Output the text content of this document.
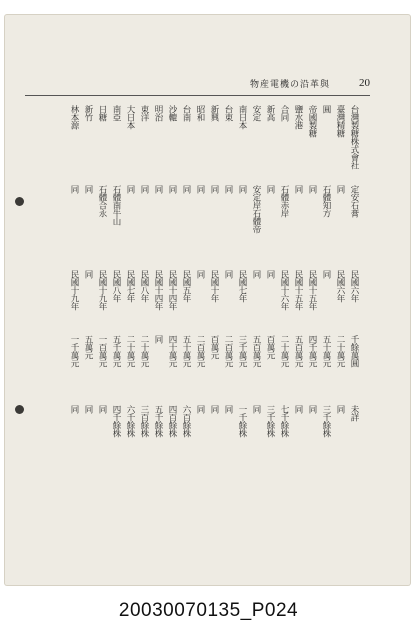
物産電機の沿革與	20
台灣製糖株式會社
定安石膏
民國六年
千餘萬圓
未詳
臺灣精糖
同
民國六年
二十萬元
同
圓
石體知方
同
五十萬元
三千餘株
帝國製糖
同
民國十五年
四千萬元
同
鹽水港
同
民國十五年
五百萬元
同
合同
石體赤岸
民國十六年
二十萬元
七千餘株
新高
同
同
百萬元
三千餘株
安定
安定岸石體帝
同
五百萬元
同
南日本
同
民國七年
三千萬元
一千餘株
台東
同
同
二百萬元
同
新興
同
民國十年
百萬元
同
昭和
同
同
二百萬元
同
台南
同
民國五年
五十萬元
六百餘株
沙轆
同
民國十四年
四十萬元
四百餘株
明治
同
民國十四年
同
五千餘株
東洋
同
民國八年
二十萬元
三百餘株
大日本
同
民國七年
二十萬元
六千餘株
南亞
石體南牛山
民國八年
五千萬元
四千餘株
日糖
石體合永
民國十九年
一百萬元
同
新竹
同
同
五萬元
同
林本源
同
民國十九年
一千萬元
同
20030070135_P024
